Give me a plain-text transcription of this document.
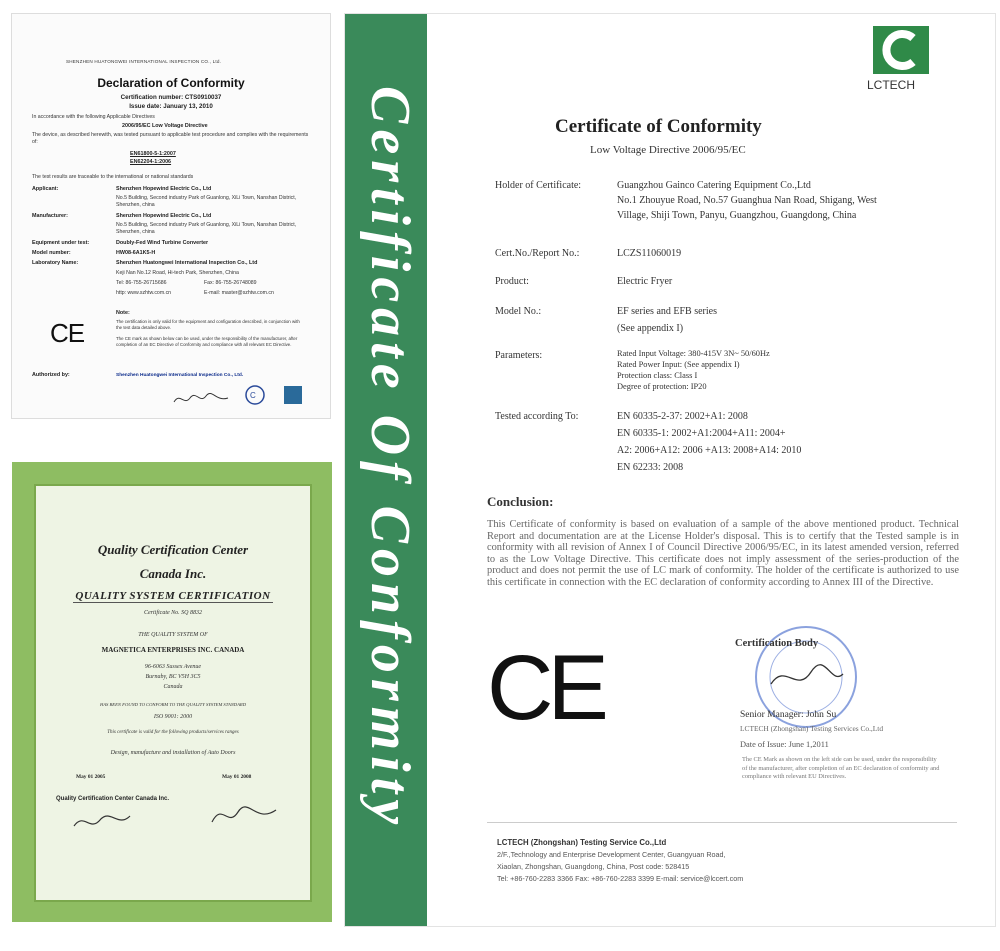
SHENZHEN HUATONGWEI INTERNATIONAL INSPECTION CO., Ltd.
Declaration of Conformity
Certification number: CTS0910037
Issue date: January 13, 2010
In accordance with the following Applicable Directives
2006/95/EC Low Voltage Directive
The device, as described herewith, was tested pursuant to applicable test procedure and complies with the requirements of:
EN61800-5-1:2007
EN62204-1:2006
The test results are traceable to the international or national standards
Applicant:	Shenzhen Hopewind Electric Co., Ltd
No.5 Building, Second industry Park of Guanlong, XiLi Town, Nanshan District, Shenzhen, china
Manufacturer:	Shenzhen Hopewind Electric Co., Ltd
No.5 Building, Second industry Park of Guanlong, XiLi Town, Nanshan District, Shenzhen, china
Equipment under test:	Doubly-Fed Wind Turbine Converter
Model number:	HW08-6A1K5-H
Laboratory Name:	Shenzhen Huatongwei International Inspection Co., Ltd
Keji Nan No.12 Road, Hi-tech Park, Shenzhen, China
Tel: 86-755-26715686	Fax: 86-755-26748089
http: www.szhtw.com.cn	E-mail: master@szhtw.com.cn
CE
Note:
The certification is only valid for the equipment and configuration described, in conjunction with the test data detailed above.
The CE mark as shown below can be used, under the responsibility of the manufacturer, after completion of an EC Directive of Conformity and compliance with all relevant EC Directive.
Authorized by:	Shenzhen Huatongwei International Inspection Co., Ltd.
C
Quality Certification Center
Canada Inc.
QUALITY SYSTEM CERTIFICATION
Certificate No. SQ 8832
THE QUALITY SYSTEM OF
MAGNETICA ENTERPRISES INC. CANADA
96-6063 Sussex Avenue
Burnaby, BC V5H 3C5
Canada
HAS BEEN FOUND TO CONFORM TO THE QUALITY SYSTEM STANDARD
ISO 9001: 2000
This certificate is valid for the following products/services ranges
Design, manufacture and installation of Auto Doors
May 01 2005	May 01 2008
Quality Certification Center Canada Inc.	Certificate Of Conformity
LCTECH
Certificate of Conformity
Low Voltage Directive 2006/95/EC
Holder of Certificate:	Guangzhou Gainco Catering Equipment Co.,Ltd
No.1 Zhouyue Road, No.57 Guanghua Nan Road, Shigang, West Village, Shiji Town, Panyu, Guangzhou, Guangdong, China
Cert.No./Report No.:	LCZS11060019
Product:	Electric Fryer
Model No.:	EF series and EFB series
(See appendix I)
Parameters:	Rated Input Voltage: 380-415V 3N~ 50/60Hz
Rated Power Input: (See appendix I)
Protection class: Class I
Degree of protection: IP20
Tested according To:	EN 60335-2-37: 2002+A1: 2008
EN 60335-1: 2002+A1:2004+A11: 2004+
A2: 2006+A12: 2006 +A13: 2008+A14: 2010
EN 62233: 2008
Conclusion:
This Certificate of conformity is based on evaluation of a sample of the above mentioned product. Technical Report and documentation are at the License Holder's disposal. This is to certify that the Tested sample is in conformity with all revision of Annex I of Council Directive 2006/95/EC, in its latest amended version, referred to as the Low Voltage Directive. This certificate does not imply assessment of the series-production of the product and does not permit the use of LC mark of conformity. The holder of the certificate is authorized to use this certificate in connection with the EC declaration of conformity according to Annex III of the Directive.
CE	Certification Body
Senior Manager: John Su
LCTECH (Zhongshan) Testing Services Co.,Ltd
Date of Issue: June 1,2011
The CE Mark as shown on the left side can be used, under the responsibility of the manufacturer, after completion of an EC declaration of conformity and compliance with relevant EU Directives.
LCTECH (Zhongshan) Testing Service Co.,Ltd
2/F.,Technology and Enterprise Development Center, Guangyuan Road,
Xiaolan, Zhongshan, Guangdong, China, Post code: 528415
Tel: +86-760-2283 3366 Fax: +86-760-2283 3399 E-mail: service@lccert.com
